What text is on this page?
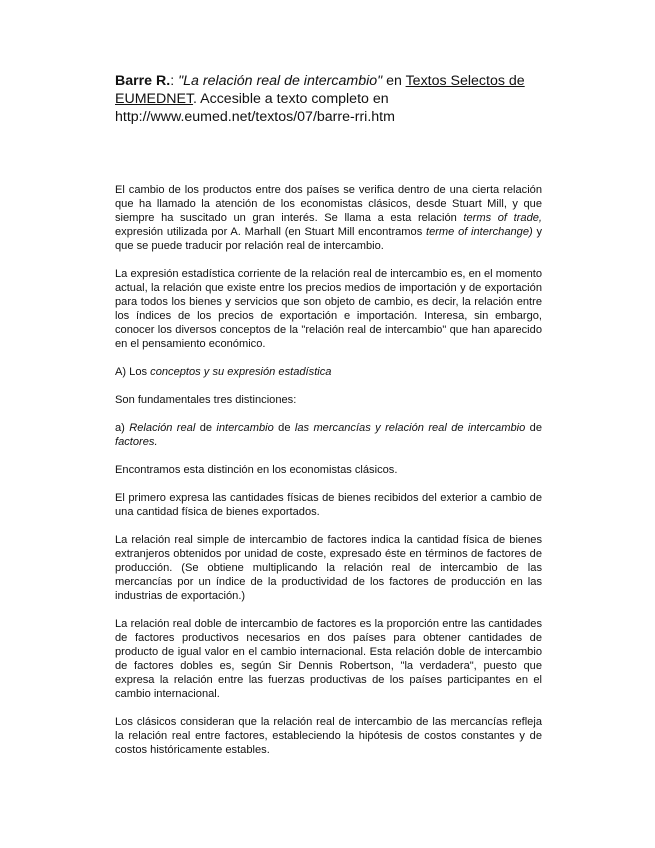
Barre R.: "La relación real de intercambio" en Textos Selectos de EUMEDNET. Accesible a texto completo en
http://www.eumed.net/textos/07/barre-rri.htm

El cambio de los productos entre dos países se verifica dentro de una cierta relación que ha llamado la atención de los economistas clásicos, desde Stuart Mill, y que siempre ha suscitado un gran interés. Se llama a esta relación terms of trade, expresión utilizada por A. Marhall (en Stuart Mill encontramos terme of interchange) y que se puede traducir por relación real de intercambio.

La expresión estadística corriente de la relación real de intercambio es, en el momento actual, la relación que existe entre los precios medios de importación y de exportación para todos los bienes y servicios que son objeto de cambio, es decir, la relación entre los índices de los precios de exportación e importación. Interesa, sin embargo, conocer los diversos conceptos de la "relación real de intercambio" que han aparecido en el pensamiento económico.

A) Los conceptos y su expresión estadística

Son fundamentales tres distinciones:

a) Relación real de intercambio de las mercancías y relación real de intercambio de factores.

Encontramos esta distinción en los economistas clásicos.

El primero expresa las cantidades físicas de bienes recibidos del exterior a cambio de una cantidad física de bienes exportados.

La relación real simple de intercambio de factores indica la cantidad física de bienes extranjeros obtenidos por unidad de coste, expresado éste en términos de factores de producción. (Se obtiene multiplicando la relación real de intercambio de las mercancías por un índice de la productividad de los factores de producción en las industrias de exportación.)

La relación real doble de intercambio de factores es la proporción entre las cantidades de factores productivos necesarios en dos países para obtener cantidades de producto de igual valor en el cambio internacional. Esta relación doble de intercambio de factores dobles es, según Sir Dennis Robertson, "la verdadera", puesto que expresa la relación entre las fuerzas productivas de los países participantes en el cambio internacional.

Los clásicos consideran que la relación real de intercambio de las mercancías refleja la relación real entre factores, estableciendo la hipótesis de costos constantes y de costos históricamente estables.
